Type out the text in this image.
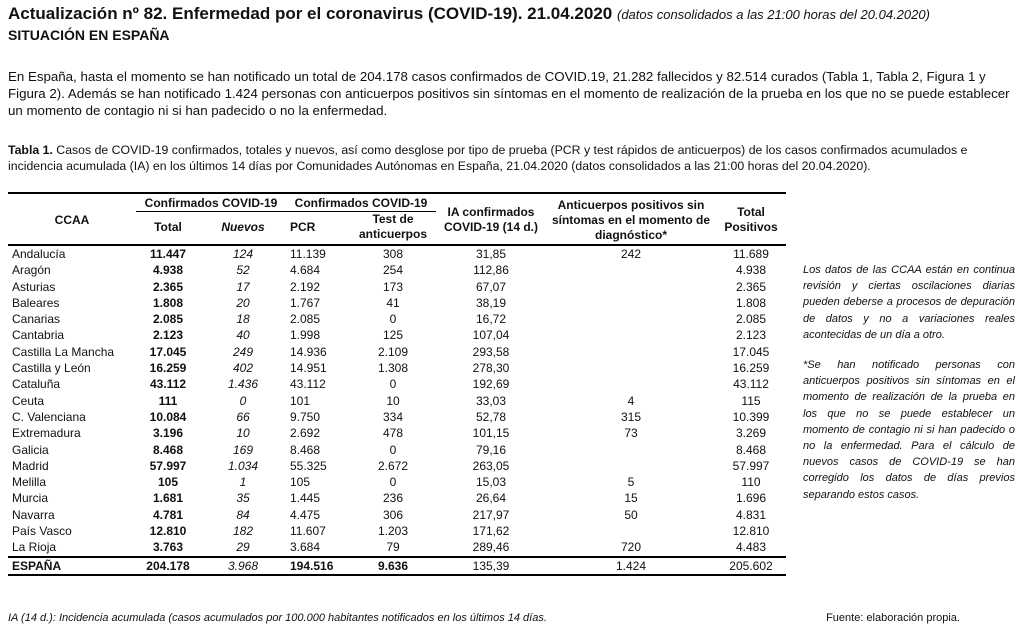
Actualización nº 82. Enfermedad por el coronavirus (COVID-19). 21.04.2020 (datos consolidados a las 21:00 horas del 20.04.2020)
SITUACIÓN EN ESPAÑA

En España, hasta el momento se han notificado un total de 204.178 casos confirmados de COVID.19, 21.282 fallecidos y 82.514 curados (Tabla 1, Tabla 2, Figura 1 y Figura 2). Además se han notificado 1.424 personas con anticuerpos positivos sin síntomas en el momento de realización de la prueba en los que no se puede establecer un momento de contagio ni si han padecido o no la enfermedad.

Tabla 1. Casos de COVID-19 confirmados, totales y nuevos, así como desglose por tipo de prueba (PCR y test rápidos de anticuerpos) de los casos confirmados acumulados e incidencia acumulada (IA) en los últimos 14 días por Comunidades Autónomas en España, 21.04.2020 (datos consolidados a las 21:00 horas del 20.04.2020).

CCAA	Confirmados COVID-19		Confirmados COVID-19		IA confirmados COVID-19 (14 d.)	Anticuerpos positivos sin síntomas en el momento de diagnóstico*	Total Positivos
	Total	Nuevos	PCR	Test de anticuerpos			
Andalucía	11.447	124	11.139	308	31,85	242	11.689
Aragón	4.938	52	4.684	254	112,86		4.938
Asturias	2.365	17	2.192	173	67,07		2.365
Baleares	1.808	20	1.767	41	38,19		1.808
Canarias	2.085	18	2.085	0	16,72		2.085
Cantabria	2.123	40	1.998	125	107,04		2.123
Castilla La Mancha	17.045	249	14.936	2.109	293,58		17.045
Castilla y León	16.259	402	14.951	1.308	278,30		16.259
Cataluña	43.112	1.436	43.112	0	192,69		43.112
Ceuta	111	0	101	10	33,03	4	115
C. Valenciana	10.084	66	9.750	334	52,78	315	10.399
Extremadura	3.196	10	2.692	478	101,15	73	3.269
Galicia	8.468	169	8.468	0	79,16		8.468
Madrid	57.997	1.034	55.325	2.672	263,05		57.997
Melilla	105	1	105	0	15,03	5	110
Murcia	1.681	35	1.445	236	26,64	15	1.696
Navarra	4.781	84	4.475	306	217,97	50	4.831
País Vasco	12.810	182	11.607	1.203	171,62		12.810
La Rioja	3.763	29	3.684	79	289,46	720	4.483
ESPAÑA	204.178	3.968	194.516	9.636	135,39	1.424	205.602

Los datos de las CCAA están en continua revisión y ciertas oscilaciones diarias pueden deberse a procesos de depuración de datos y no a variaciones reales acontecidas de un día a otro.

*Se han notificado personas con anticuerpos positivos sin síntomas en el momento de realización de la prueba en los que no se puede establecer un momento de contagio ni si han padecido o no la enfermedad. Para el cálculo de nuevos casos de COVID-19 se han corregido los datos de días previos separando estos casos.

IA (14 d.): Incidencia acumulada (casos acumulados por 100.000 habitantes notificados en los últimos 14 días.	Fuente: elaboración propia.
